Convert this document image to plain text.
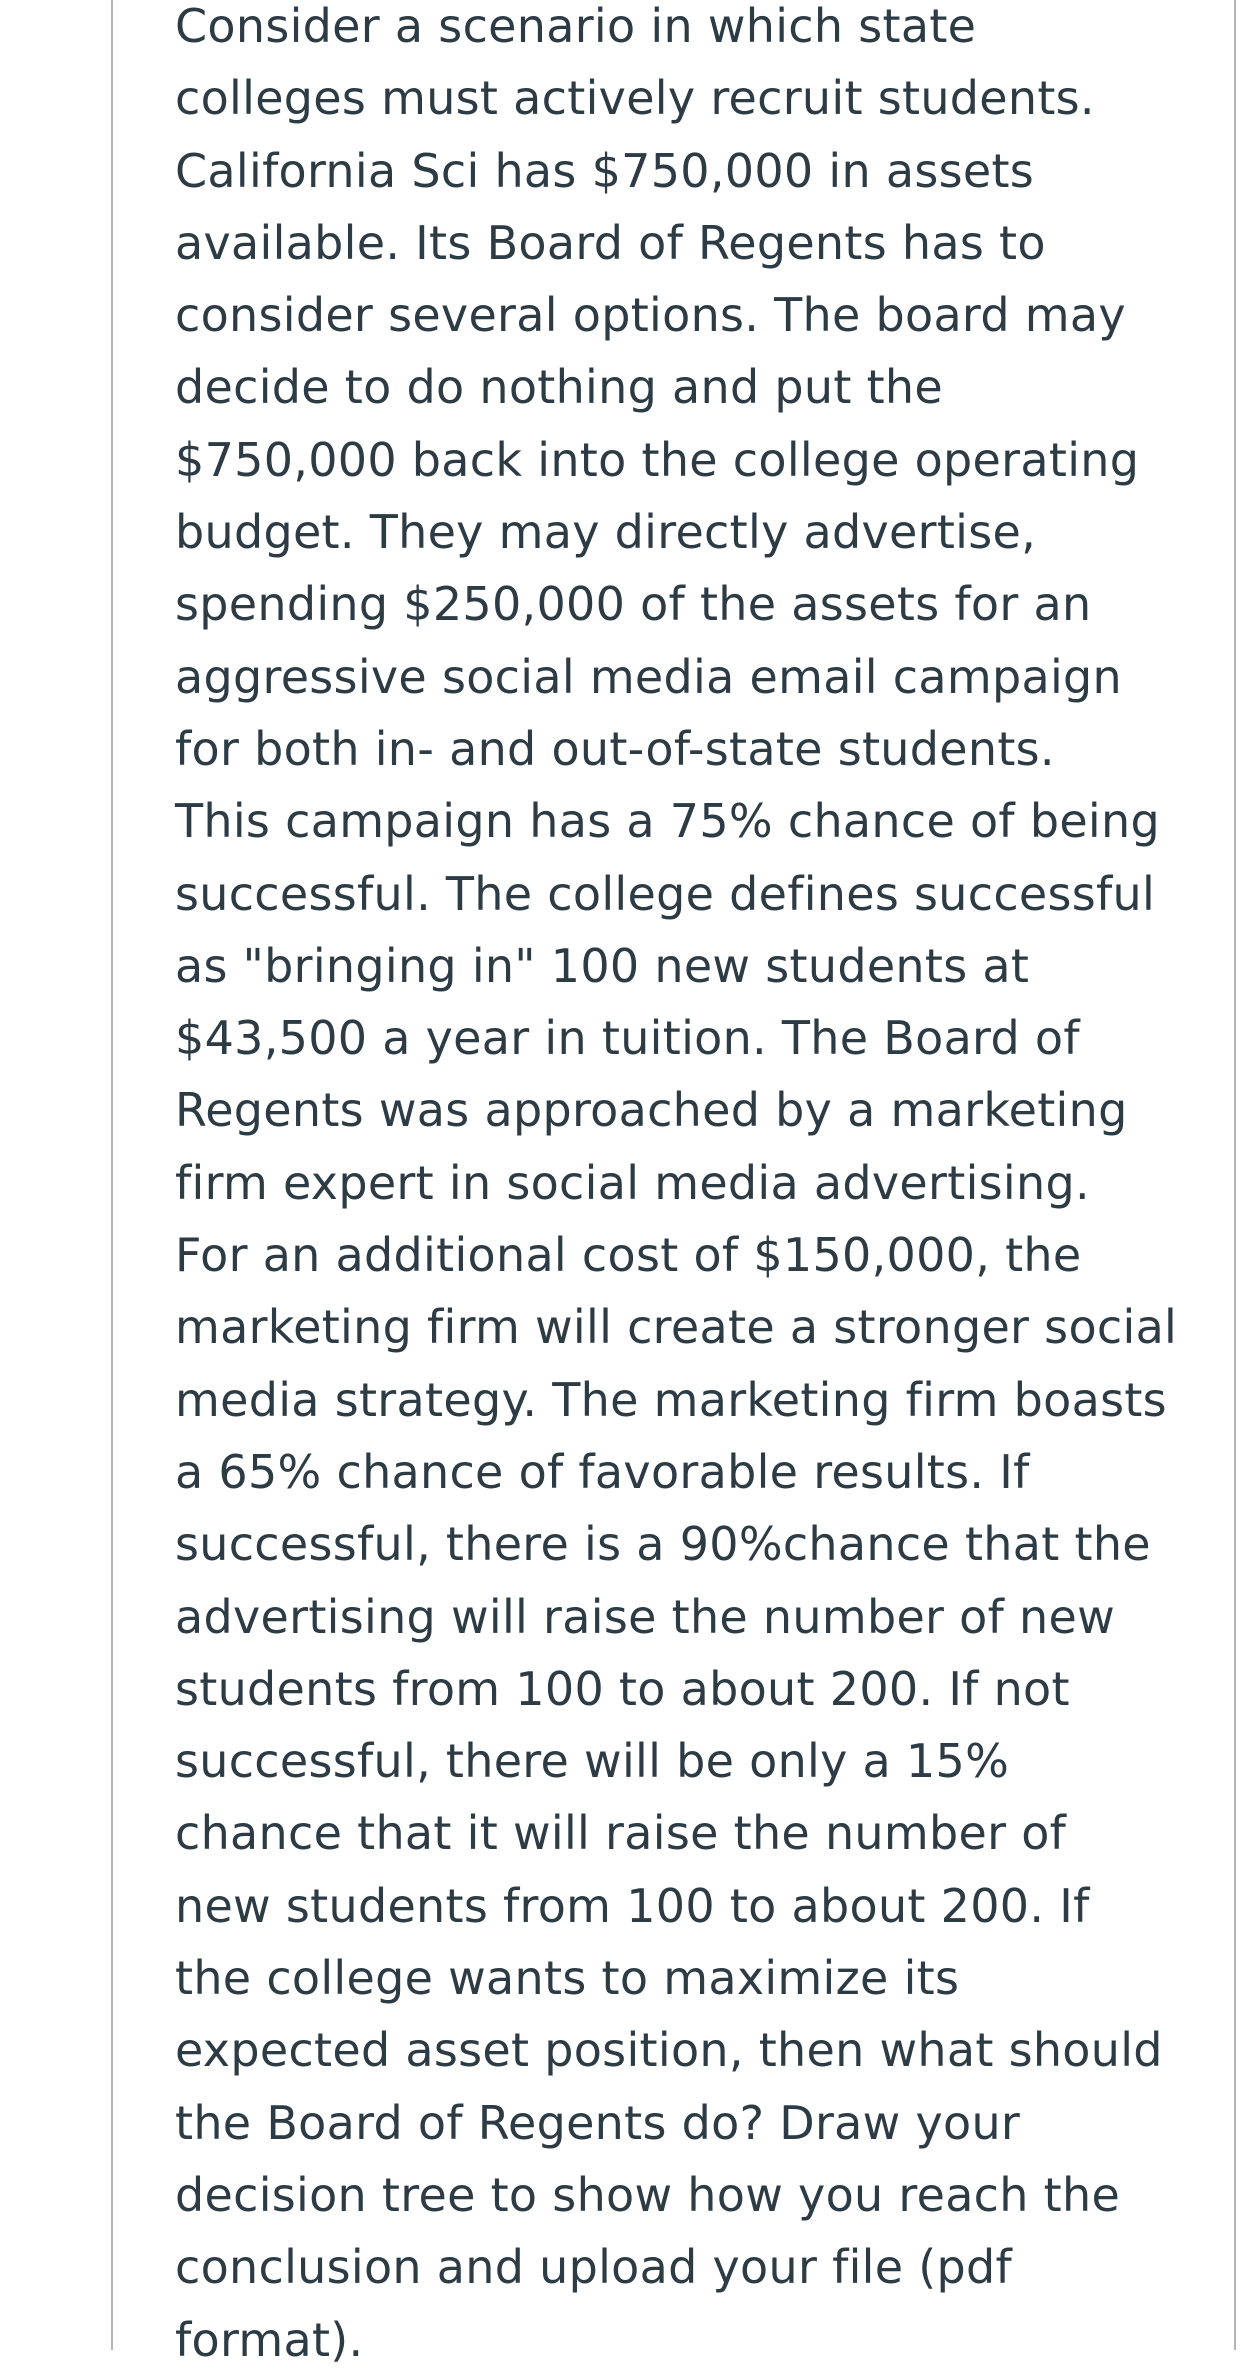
Consider a scenario in which state
colleges must actively recruit students.
California Sci has $750,000 in assets
available. Its Board of Regents has to
consider several options. The board may
decide to do nothing and put the
$750,000 back into the college operating
budget. They may directly advertise,
spending $250,000 of the assets for an
aggressive social media email campaign
for both in- and out-of-state students.
This campaign has a 75% chance of being
successful. The college defines successful
as "bringing in" 100 new students at
$43,500 a year in tuition. The Board of
Regents was approached by a marketing
firm expert in social media advertising.
For an additional cost of $150,000, the
marketing firm will create a stronger social
media strategy. The marketing firm boasts
a 65% chance of favorable results. If
successful, there is a 90%chance that the
advertising will raise the number of new
students from 100 to about 200. If not
successful, there will be only a 15%
chance that it will raise the number of
new students from 100 to about 200. If
the college wants to maximize its
expected asset position, then what should
the Board of Regents do? Draw your
decision tree to show how you reach the
conclusion and upload your file (pdf
format).
